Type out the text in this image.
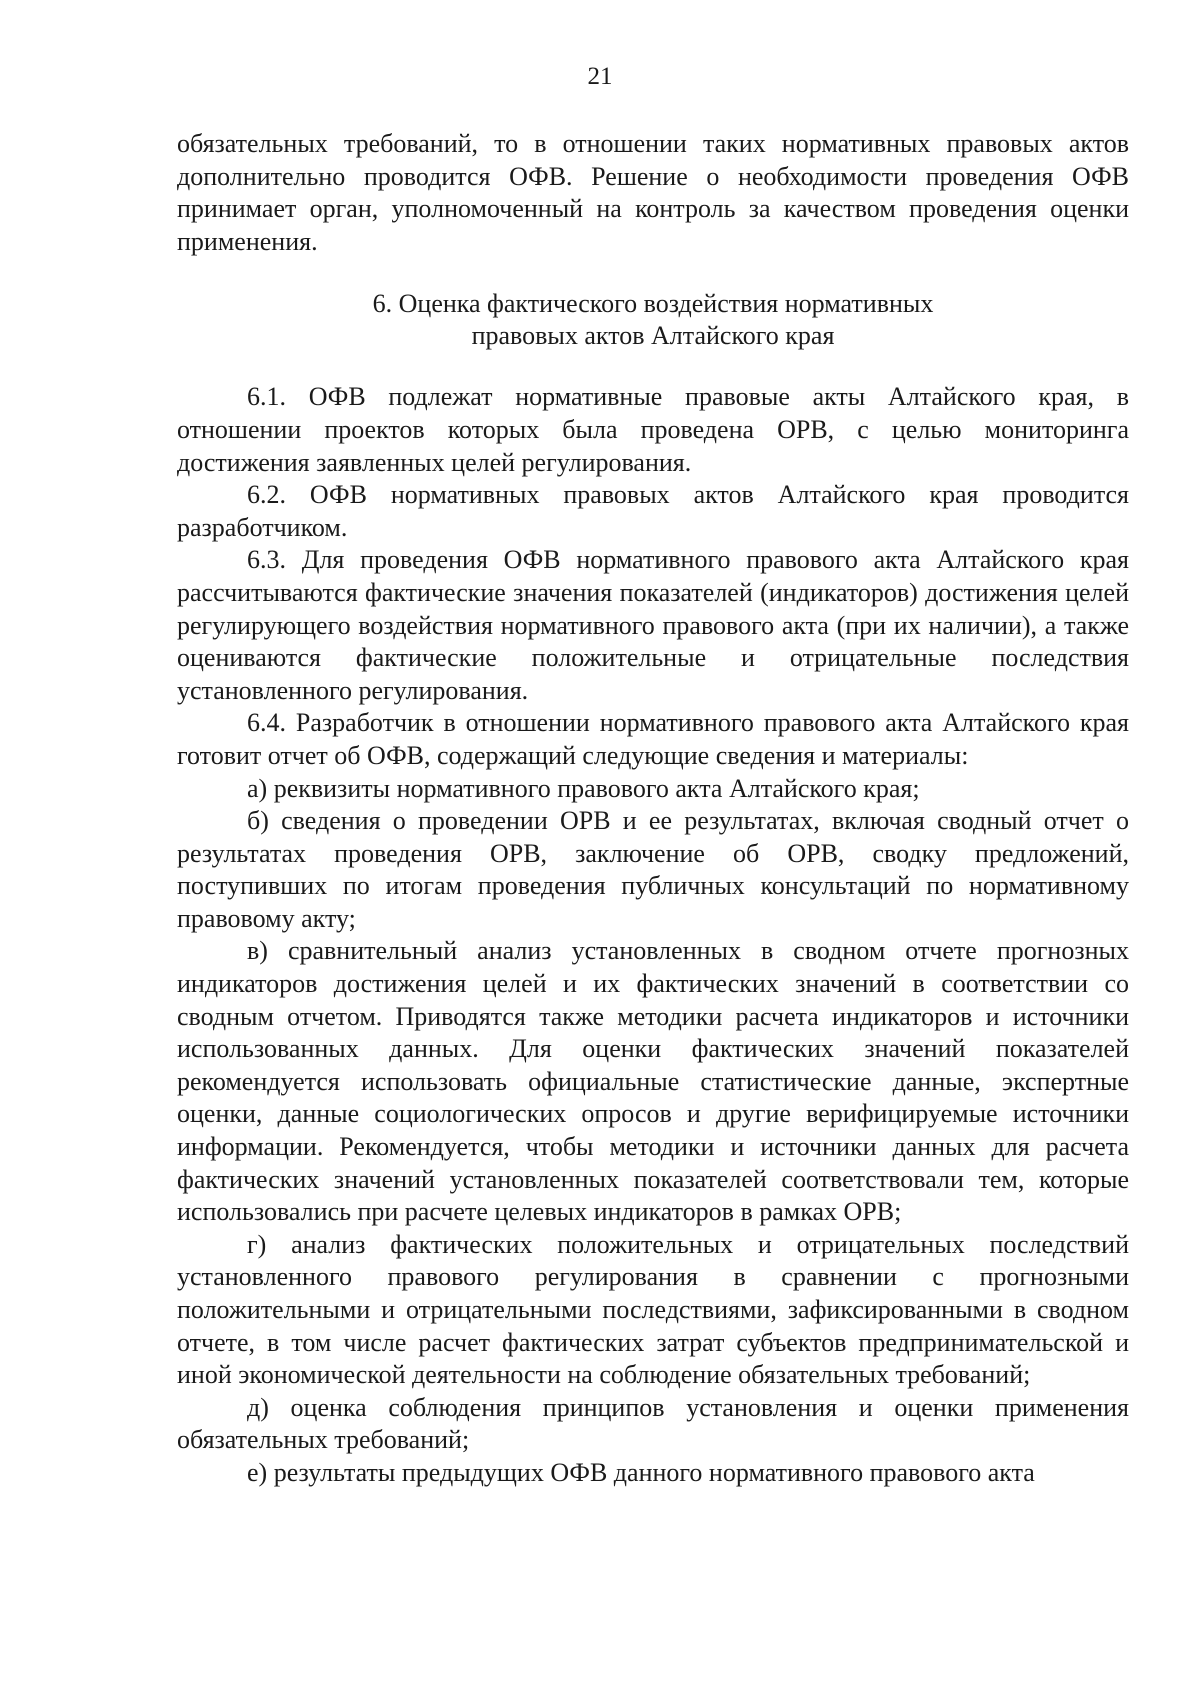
21

обязательных требований, то в отношении таких нормативных правовых актов дополнительно проводится ОФВ. Решение о необходимости проведения ОФВ принимает орган, уполномоченный на контроль за качеством проведения оценки применения.

6. Оценка фактического воздействия нормативных
правовых актов Алтайского края

6.1. ОФВ подлежат нормативные правовые акты Алтайского края, в отношении проектов которых была проведена ОРВ, с целью мониторинга достижения заявленных целей регулирования.

6.2. ОФВ нормативных правовых актов Алтайского края проводится разработчиком.

6.3. Для проведения ОФВ нормативного правового акта Алтайского края рассчитываются фактические значения показателей (индикаторов) достижения целей регулирующего воздействия нормативного правового акта (при их наличии), а также оцениваются фактические положительные и отрицательные последствия установленного регулирования.

6.4. Разработчик в отношении нормативного правового акта Алтайского края готовит отчет об ОФВ, содержащий следующие сведения и материалы:

а) реквизиты нормативного правового акта Алтайского края;

б) сведения о проведении ОРВ и ее результатах, включая сводный отчет о результатах проведения ОРВ, заключение об ОРВ, сводку предложений, поступивших по итогам проведения публичных консультаций по нормативному правовому акту;

в) сравнительный анализ установленных в сводном отчете прогнозных индикаторов достижения целей и их фактических значений в соответствии со сводным отчетом. Приводятся также методики расчета индикаторов и источники использованных данных. Для оценки фактических значений показателей рекомендуется использовать официальные статистические данные, экспертные оценки, данные социологических опросов и другие верифицируемые источники информации. Рекомендуется, чтобы методики и источники данных для расчета фактических значений установленных показателей соответствовали тем, которые использовались при расчете целевых индикаторов в рамках ОРВ;

г) анализ фактических положительных и отрицательных последствий установленного правового регулирования в сравнении с прогнозными положительными и отрицательными последствиями, зафиксированными в сводном отчете, в том числе расчет фактических затрат субъектов предпринимательской и иной экономической деятельности на соблюдение обязательных требований;

д) оценка соблюдения принципов установления и оценки применения обязательных требований;

е) результаты предыдущих ОФВ данного нормативного правового акта
